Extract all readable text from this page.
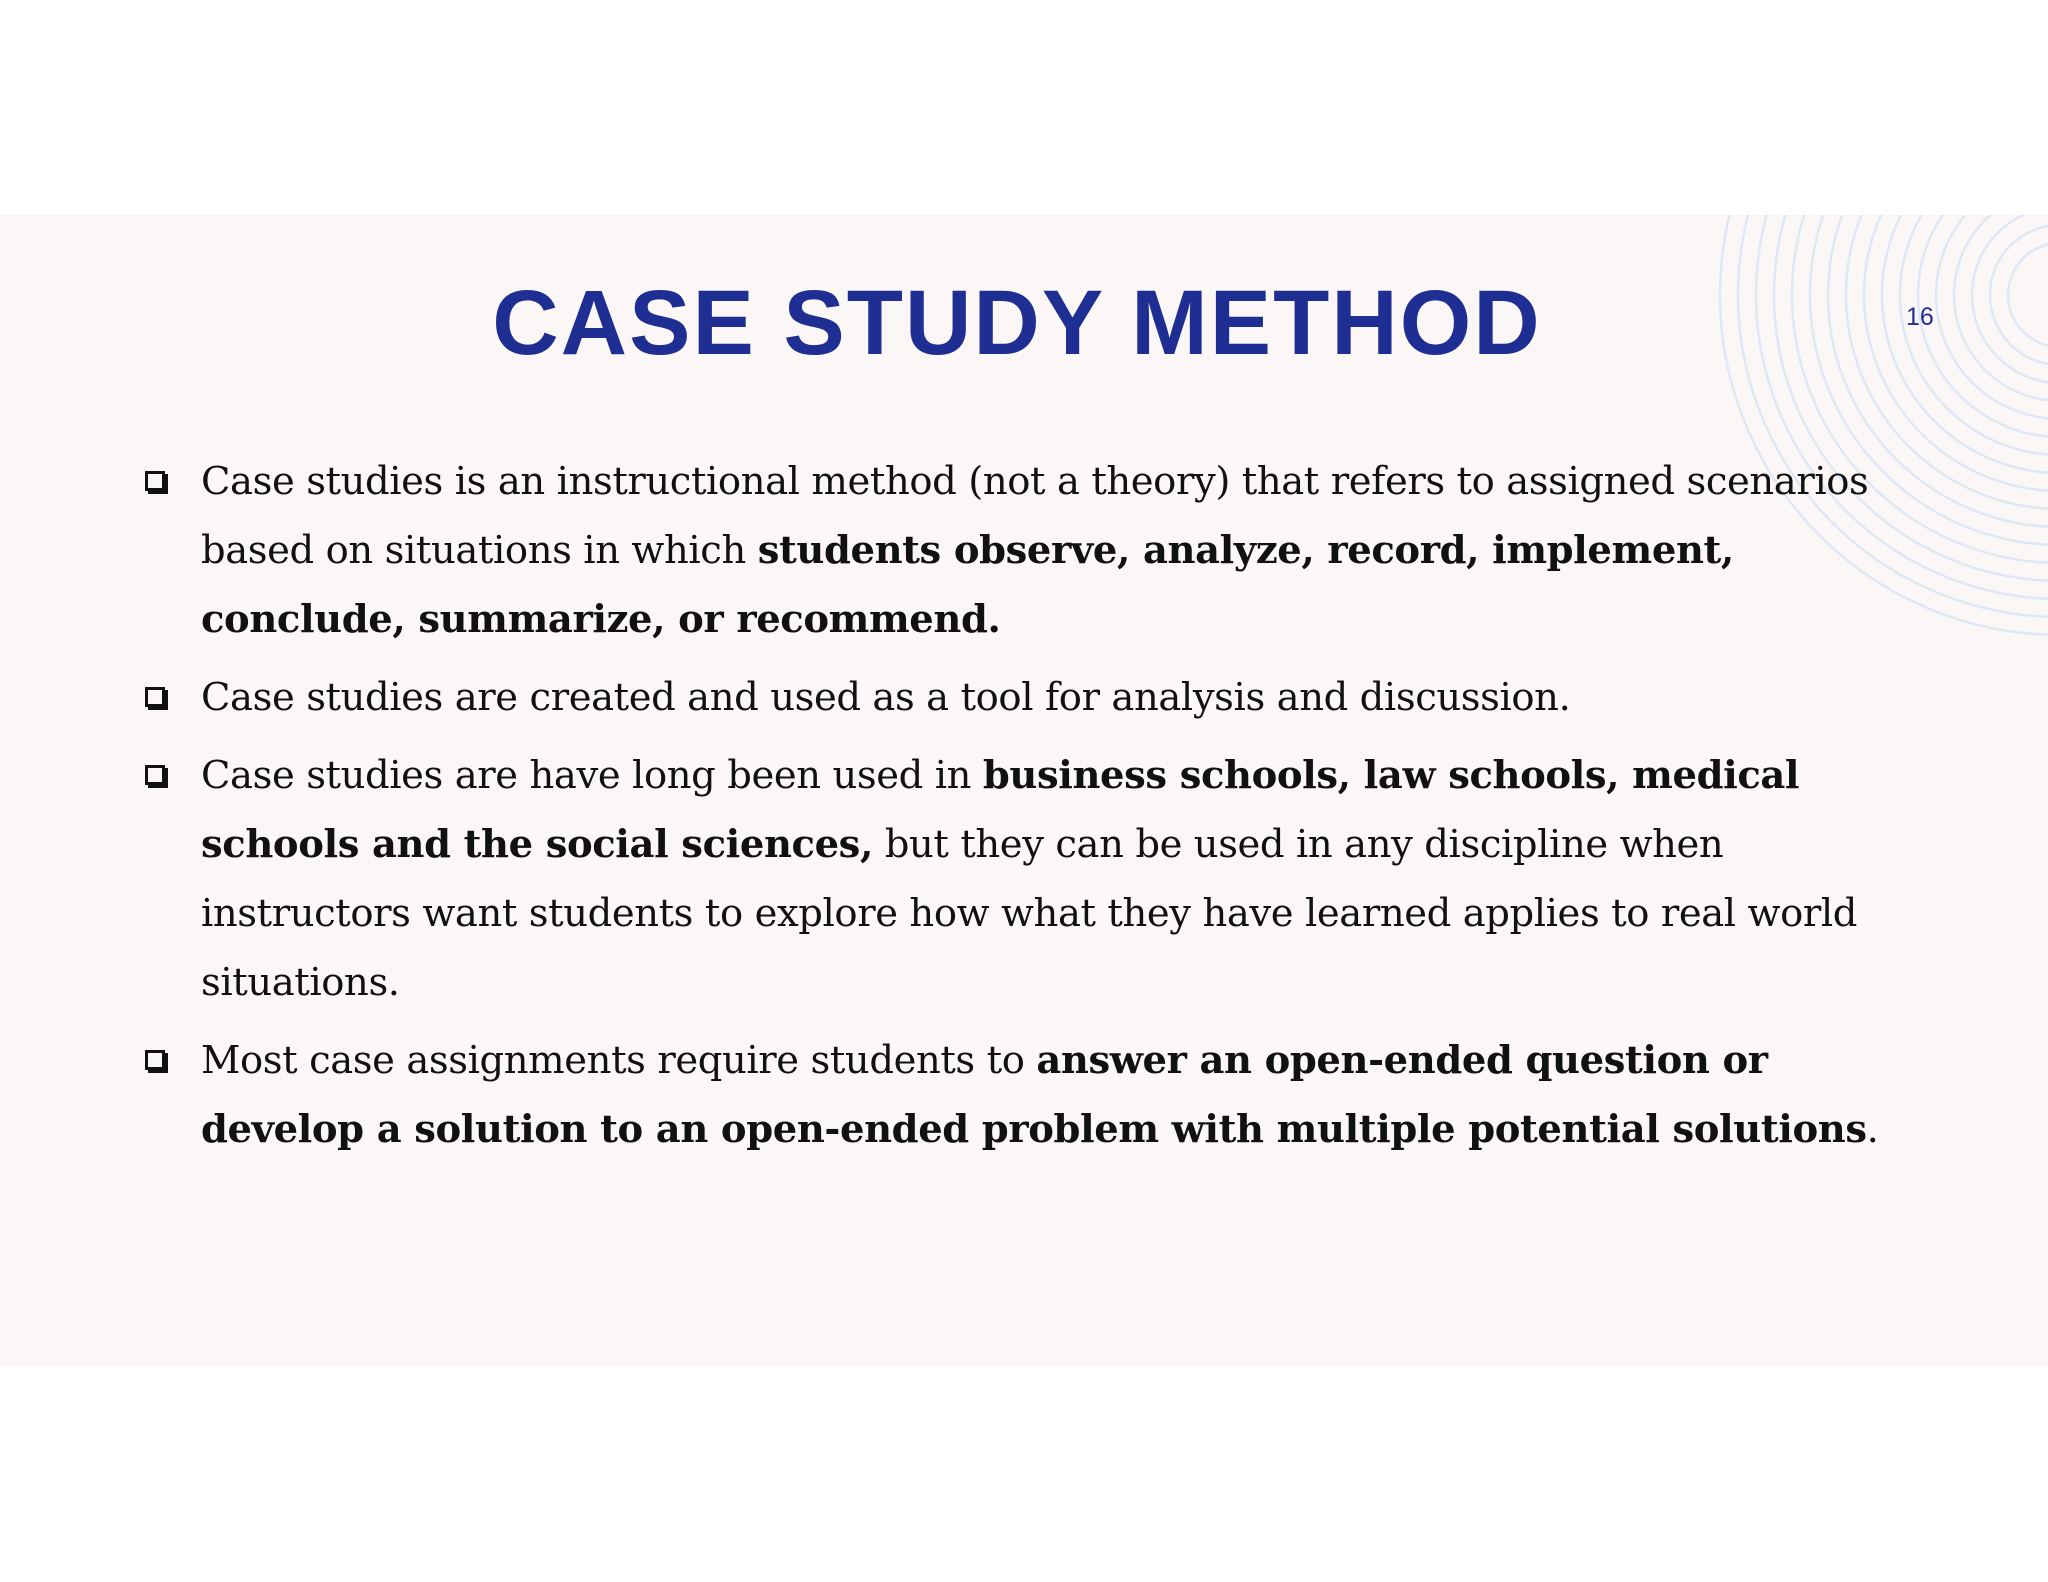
CASE STUDY METHOD	16
Case studies is an instructional method (not a theory) that refers to assigned scenarios based on situations in which students observe, analyze, record, implement, conclude, summarize, or recommend.
Case studies are created and used as a tool for analysis and discussion.
Case studies are have long been used in business schools, law schools, medical schools and the social sciences, but they can be used in any discipline when instructors want students to explore how what they have learned applies to real world situations.
Most case assignments require students to answer an open-ended question or develop a solution to an open-ended problem with multiple potential solutions.
